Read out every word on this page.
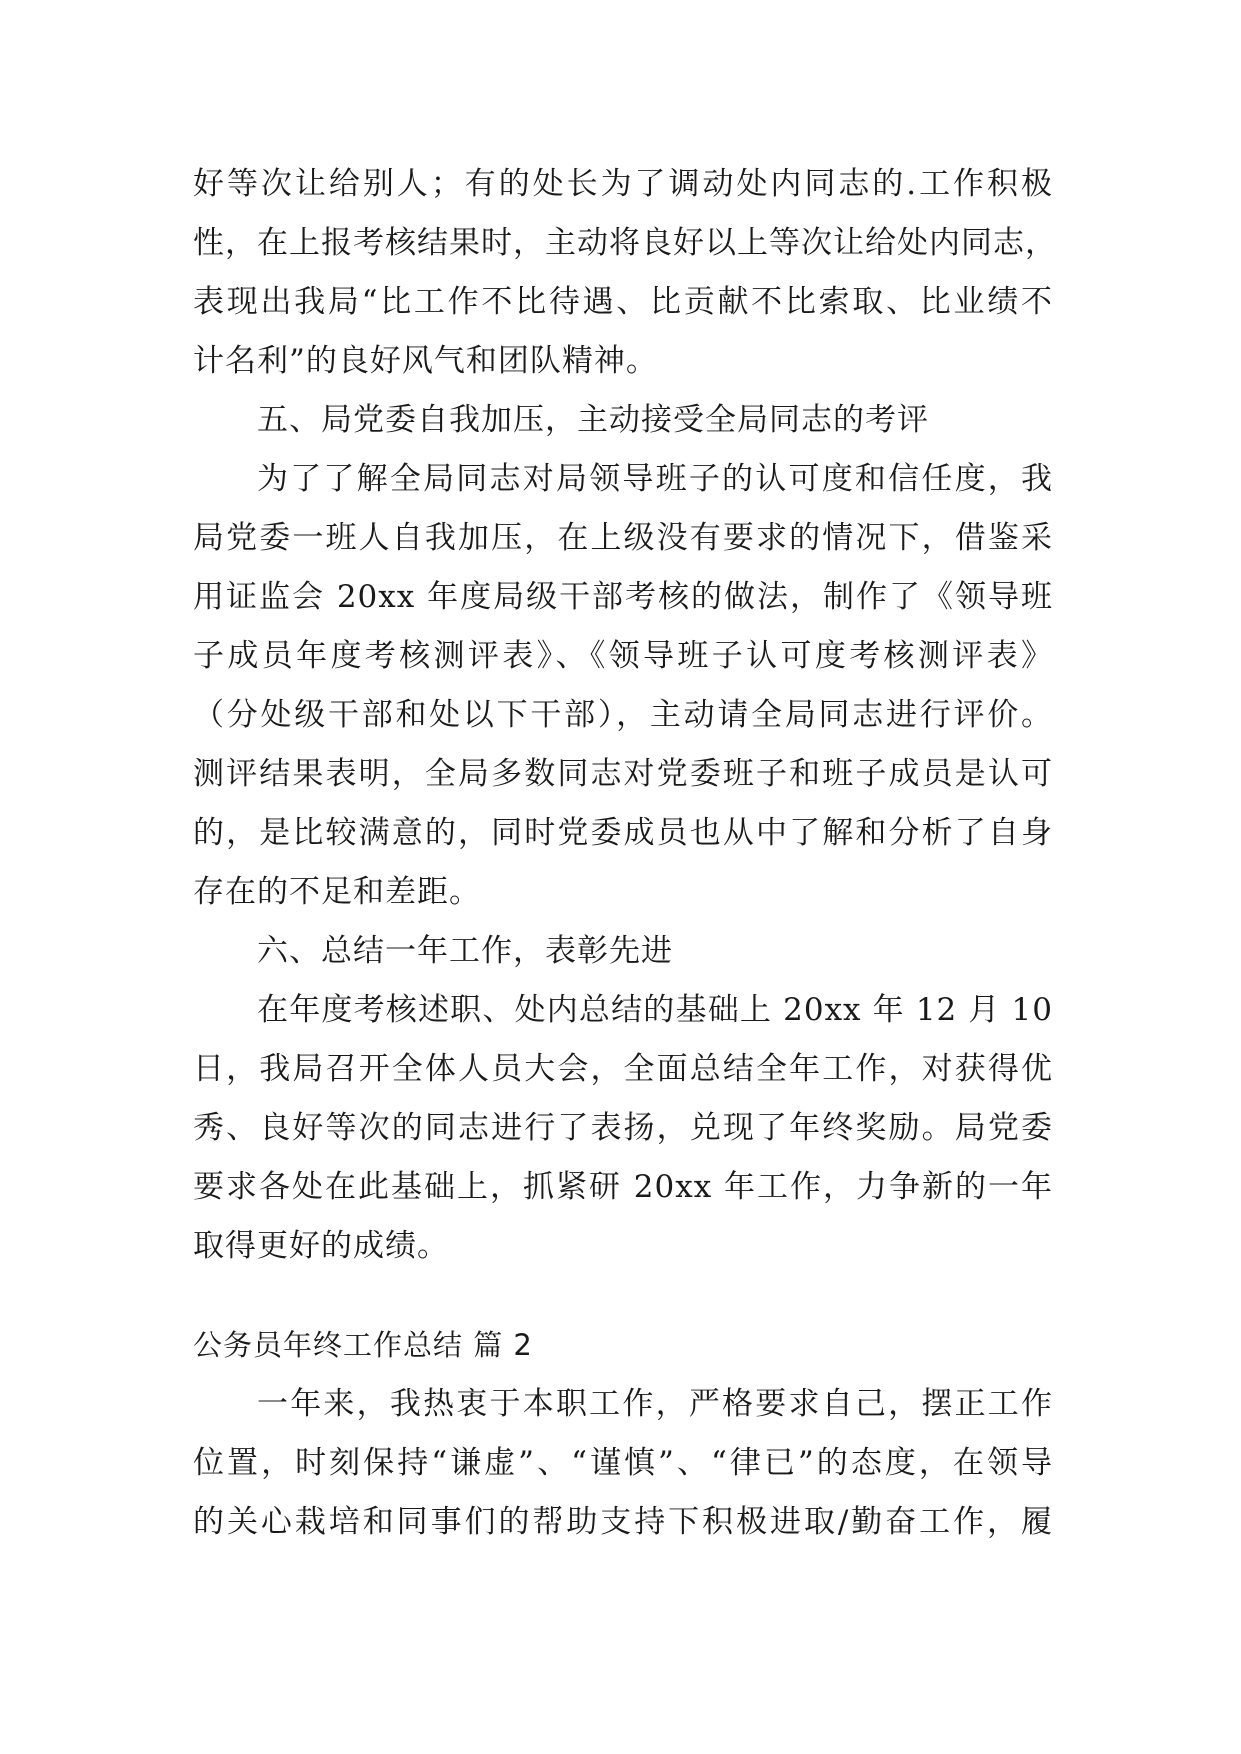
好等次让给别人；有的处长为了调动处内同志的.工作积极
性，在上报考核结果时，主动将良好以上等次让给处内同志，
表现出我局“比工作不比待遇、比贡献不比索取、比业绩不
计名利”的良好风气和团队精神。
五、局党委自我加压，主动接受全局同志的考评
为了了解全局同志对局领导班子的认可度和信任度，我
局党委一班人自我加压，在上级没有要求的情况下，借鉴采
用证监会 20xx 年度局级干部考核的做法，制作了《领导班
子成员年度考核测评表》、《领导班子认可度考核测评表》
（分处级干部和处以下干部），主动请全局同志进行评价。
测评结果表明，全局多数同志对党委班子和班子成员是认可
的，是比较满意的，同时党委成员也从中了解和分析了自身
存在的不足和差距。
六、总结一年工作，表彰先进
在年度考核述职、处内总结的基础上 20xx 年 12 月 10
日，我局召开全体人员大会，全面总结全年工作，对获得优
秀、良好等次的同志进行了表扬，兑现了年终奖励。局党委
要求各处在此基础上，抓紧研 20xx 年工作，力争新的一年
取得更好的成绩。
公务员年终工作总结 篇 2
一年来，我热衷于本职工作，严格要求自己，摆正工作
位置，时刻保持“谦虚”、“谨慎”、“律已”的态度，在领导
的关心栽培和同事们的帮助支持下积极进取/勤奋工作，履
